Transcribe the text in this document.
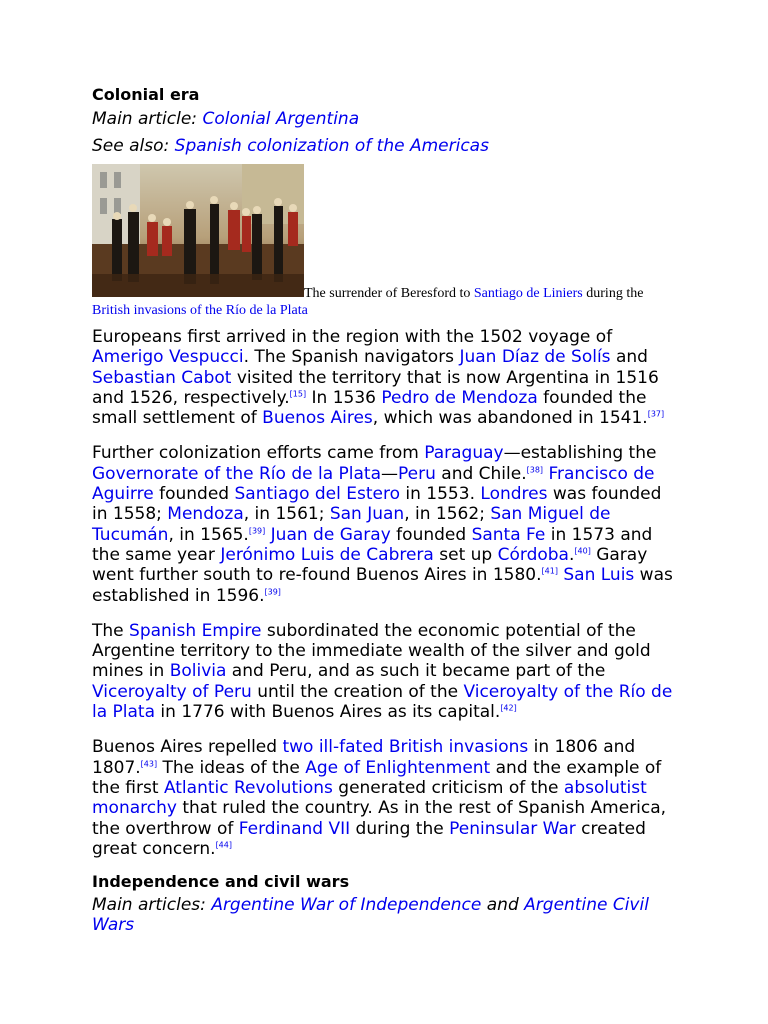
Colonial era
Main article: Colonial Argentina
See also: Spanish colonization of the Americas
The surrender of Beresford to Santiago de Liniers during the British invasions of the Río de la Plata

Europeans first arrived in the region with the 1502 voyage of Amerigo Vespucci. The Spanish navigators Juan Díaz de Solís and Sebastian Cabot visited the territory that is now Argentina in 1516 and 1526, respectively.[15] In 1536 Pedro de Mendoza founded the small settlement of Buenos Aires, which was abandoned in 1541.[37]

Further colonization efforts came from Paraguay—establishing the Governorate of the Río de la Plata—Peru and Chile.[38] Francisco de Aguirre founded Santiago del Estero in 1553. Londres was founded in 1558; Mendoza, in 1561; San Juan, in 1562; San Miguel de Tucumán, in 1565.[39] Juan de Garay founded Santa Fe in 1573 and the same year Jerónimo Luis de Cabrera set up Córdoba.[40] Garay went further south to re-found Buenos Aires in 1580.[41] San Luis was established in 1596.[39]

The Spanish Empire subordinated the economic potential of the Argentine territory to the immediate wealth of the silver and gold mines in Bolivia and Peru, and as such it became part of the Viceroyalty of Peru until the creation of the Viceroyalty of the Río de la Plata in 1776 with Buenos Aires as its capital.[42]

Buenos Aires repelled two ill-fated British invasions in 1806 and 1807.[43] The ideas of the Age of Enlightenment and the example of the first Atlantic Revolutions generated criticism of the absolutist monarchy that ruled the country. As in the rest of Spanish America, the overthrow of Ferdinand VII during the Peninsular War created great concern.[44]

Independence and civil wars
Main articles: Argentine War of Independence and Argentine Civil Wars
